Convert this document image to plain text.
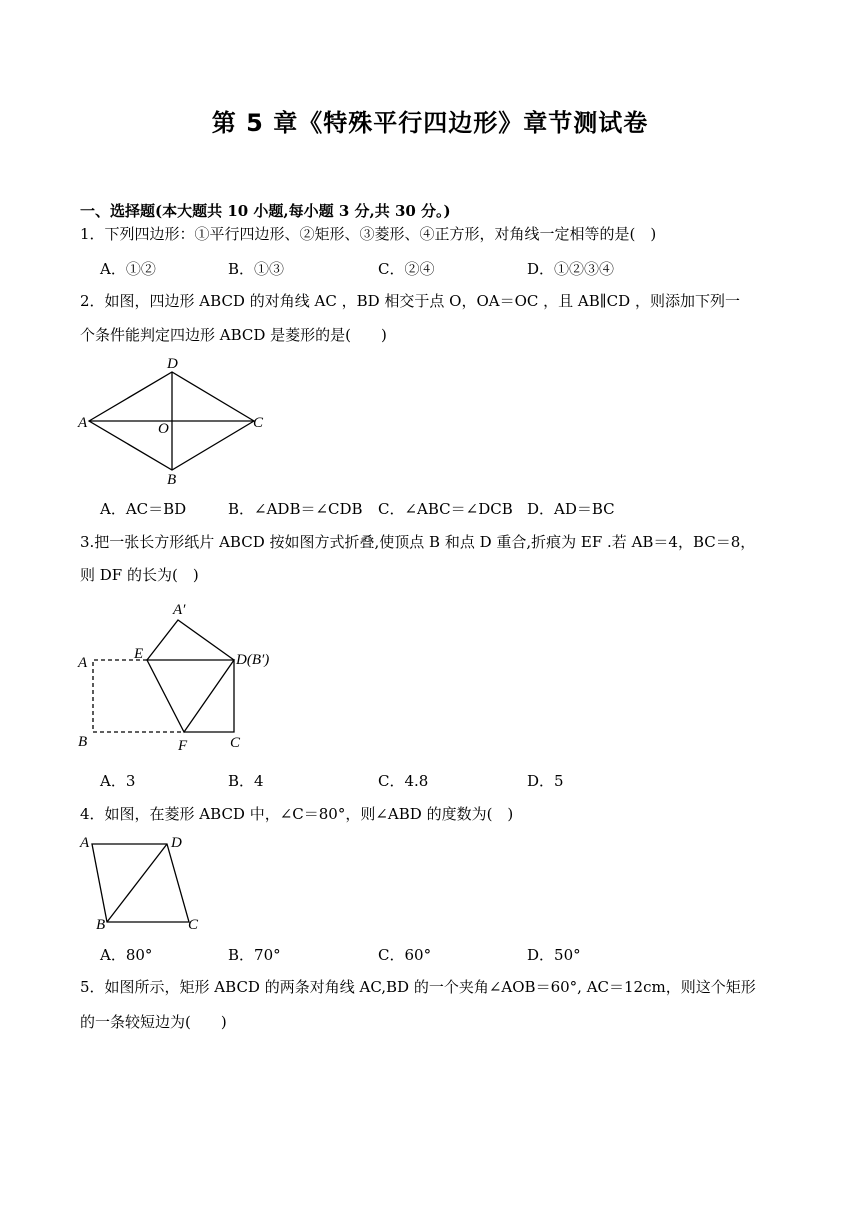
第 5 章《特殊平行四边形》章节测试卷
一、选择题(本大题共 10 小题,每小题 3 分,共 30 分。)
1．下列四边形：①平行四边形、②矩形、③菱形、④正方形，对角线一定相等的是(　)
A．①②	B．①③	C．②④	D．①②③④
2．如图，四边形 ABCD 的对角线 AC ，BD 相交于点 O，OA＝OC ，且 AB∥CD ，则添加下列一
个条件能判定四边形 ABCD 是菱形的是(　　)
D
A	O	C
B
A．AC＝BD	B．∠ADB＝∠CDB C．∠ABC＝∠DCB D．AD＝BC
3.把一张长方形纸片 ABCD 按如图方式折叠,使顶点 B 和点 D 重合,折痕为 EF .若 AB＝4，BC＝8，
则 DF 的长为(　)
A′
E	D(B′)
A
B	F	C
A．3	B．4	C．4.8	D．5
4．如图，在菱形 ABCD 中，∠C＝80°，则∠ABD 的度数为(　)
A	D
B	C
A．80°	B．70°	C．60°	D．50°
5．如图所示，矩形 ABCD 的两条对角线 AC,BD 的一个夹角∠AOB＝60°, AC＝12cm，则这个矩形
的一条较短边为(　　)
